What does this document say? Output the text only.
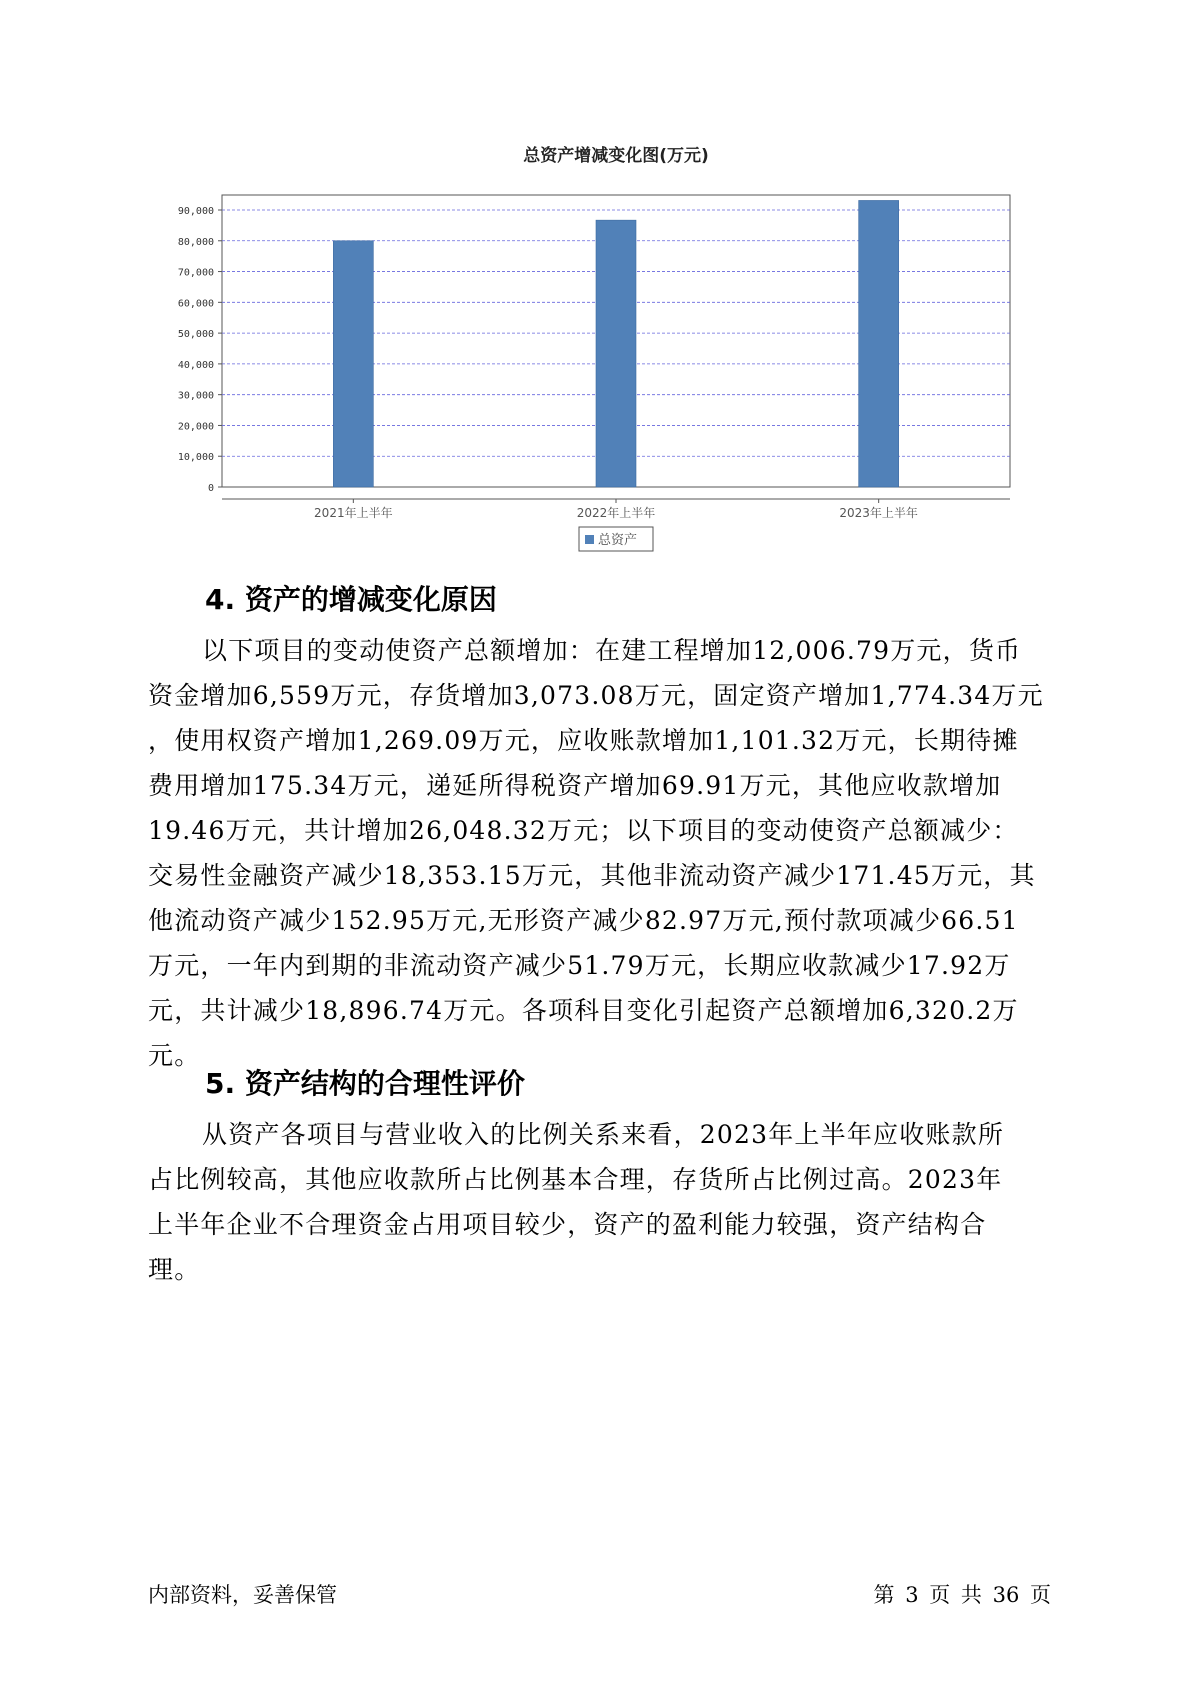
总资产增减变化图(万元)
0
10,000
20,000
30,000
40,000
50,000
60,000
70,000
80,000
90,000
2021年上半年	2022年上半年	2023年上半年
总资产
4. 资产的增减变化原因
以下项目的变动使资产总额增加：在建工程增加12,006.79万元，货币
资金增加6,559万元，存货增加3,073.08万元，固定资产增加1,774.34万元
，使用权资产增加1,269.09万元，应收账款增加1,101.32万元，长期待摊
费用增加175.34万元，递延所得税资产增加69.91万元，其他应收款增加
19.46万元，共计增加26,048.32万元；以下项目的变动使资产总额减少：
交易性金融资产减少18,353.15万元，其他非流动资产减少171.45万元，其
他流动资产减少152.95万元,无形资产减少82.97万元,预付款项减少66.51
万元，一年内到期的非流动资产减少51.79万元，长期应收款减少17.92万
元，共计减少18,896.74万元。各项科目变化引起资产总额增加6,320.2万
元。
5. 资产结构的合理性评价
从资产各项目与营业收入的比例关系来看，2023年上半年应收账款所
占比例较高，其他应收款所占比例基本合理，存货所占比例过高。2023年
上半年企业不合理资金占用项目较少，资产的盈利能力较强，资产结构合
理。
内部资料，妥善保管	第 3 页 共 36 页
